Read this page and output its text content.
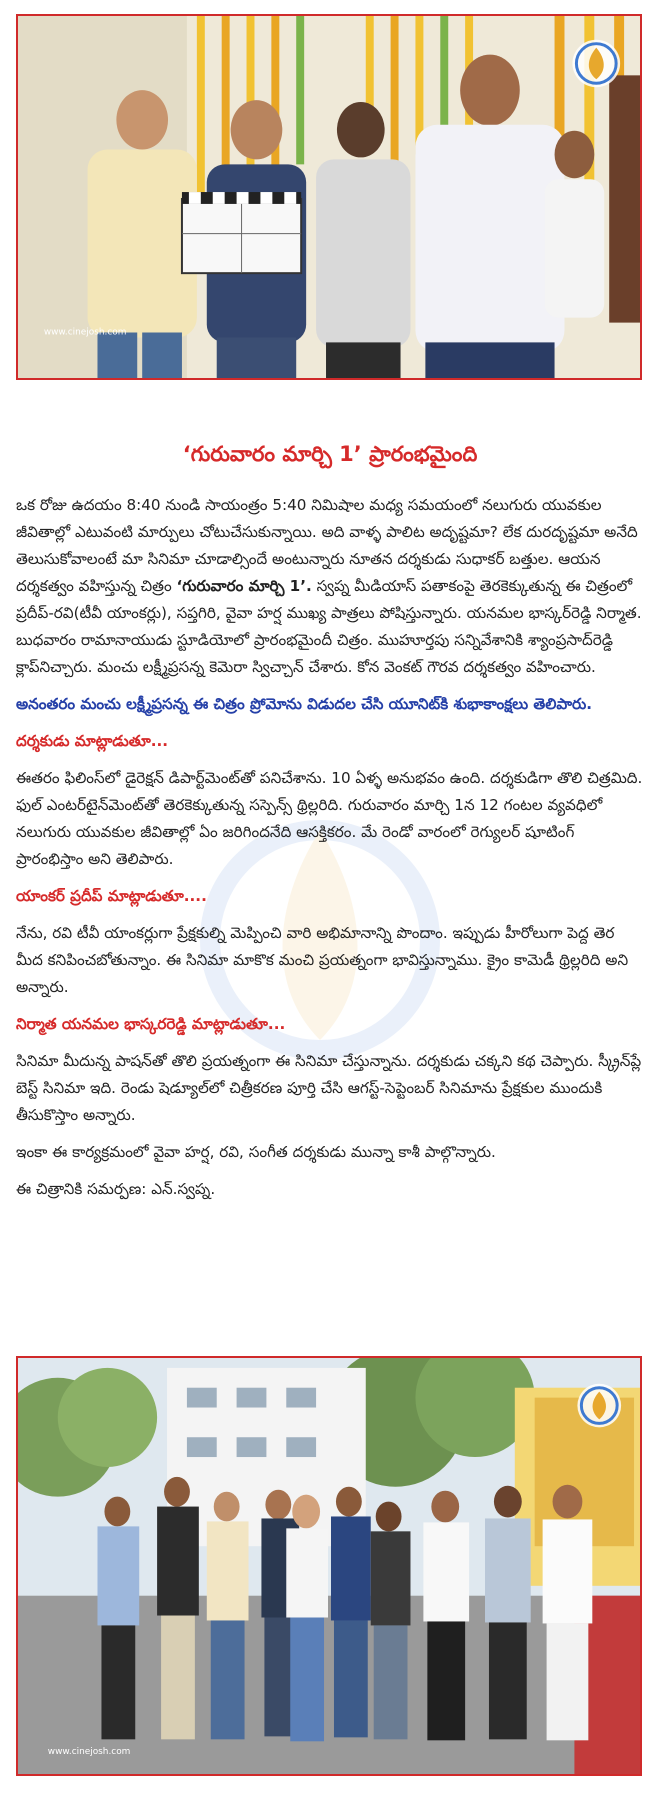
www.cinejosh.com
‘గురువారం మార్చి 1’ ప్రారంభమైంది

ఒక రోజు ఉదయం 8:40 నుండి సాయంత్రం 5:40 నిమిషాల మధ్య సమయంలో నలుగురు యువకుల జీవితాల్లో ఎటువంటి మార్పులు చోటుచేసుకున్నాయి. అది వాళ్ళ పాలిట అదృష్టమా? లేక దురదృష్టమా అనేది తెలుసుకోవాలంటే మా సినిమా చూడాల్సిందే అంటున్నారు నూతన దర్శకుడు సుధాకర్ బత్తుల. ఆయన దర్శకత్వం వహిస్తున్న చిత్రం ‘గురువారం మార్చి 1’. స్వప్న మీడియాస్ పతాకంపై తెరకెక్కుతున్న ఈ చిత్రంలో ప్రదీప్-రవి(టీవీ యాంకర్లు), సప్తగిరి, వైవా హర్ష ముఖ్య పాత్రలు పోషిస్తున్నారు. యనమల భాస్కర్‌రెడ్డి నిర్మాత. బుధవారం రామానాయుడు స్టూడియోలో ప్రారంభమైందీ చిత్రం. ముహూర్తపు సన్నివేశానికి శ్యాంప్రసాద్‌రెడ్డి క్లాప్‌నిచ్చారు. మంచు లక్ష్మీప్రసన్న కెమెరా స్విచ్చాన్ చేశారు. కోన వెంకట్ గౌరవ దర్శకత్వం వహించారు.

అనంతరం మంచు లక్ష్మీప్రసన్న ఈ చిత్రం ప్రోమోను విడుదల చేసి యూనిట్‌కి శుభాకాంక్షలు తెలిపారు.

దర్శకుడు మాట్లాడుతూ...

ఈతరం ఫిలింస్‌లో డైరెక్షన్ డిపార్ట్‌మెంట్‌తో పనిచేశాను. 10 ఏళ్ళ అనుభవం ఉంది. దర్శకుడిగా తొలి చిత్రమిది. ఫుల్ ఎంటర్‌టైన్‌మెంట్‌తో తెరకెక్కుతున్న సస్పెన్స్ థ్రిల్లరిది. గురువారం మార్చి 1న 12 గంటల వ్యవధిలో నలుగురు యువకుల జీవితాల్లో ఏం జరిగిందనేది ఆసక్తికరం. మే రెండో వారంలో రెగ్యులర్ షూటింగ్ ప్రారంభిస్తాం అని తెలిపారు.

యాంకర్ ప్రదీప్ మాట్లాడుతూ....

నేను, రవి టీవీ యాంకర్లుగా ప్రేక్షకుల్ని మెప్పించి వారి అభిమానాన్ని పొందాం. ఇప్పుడు హీరోలుగా పెద్ద తెర మీద కనిపించబోతున్నాం. ఈ సినిమా మాకొక మంచి ప్రయత్నంగా భావిస్తున్నాము. క్రైం కామెడీ థ్రిల్లరిది అని అన్నారు.

నిర్మాత యనమల భాస్కరరెడ్డి మాట్లాడుతూ...

సినిమా మీదున్న పాషన్‌తో తొలి ప్రయత్నంగా ఈ సినిమా చేస్తున్నాను. దర్శకుడు చక్కని కథ చెప్పారు. స్క్రీన్‌ప్లే బెస్ట్ సినిమా ఇది. రెండు షెడ్యూల్‌లో చిత్రీకరణ పూర్తి చేసి ఆగస్ట్-సెప్టెంబర్ సినిమాను ప్రేక్షకుల ముందుకి తీసుకొస్తాం అన్నారు.

ఇంకా ఈ కార్యక్రమంలో వైవా హర్ష, రవి, సంగీత దర్శకుడు మున్నా కాశీ పాల్గొన్నారు.

ఈ చిత్రానికి సమర్పణ: ఎన్.స్వప్న.

www.cinejosh.com
